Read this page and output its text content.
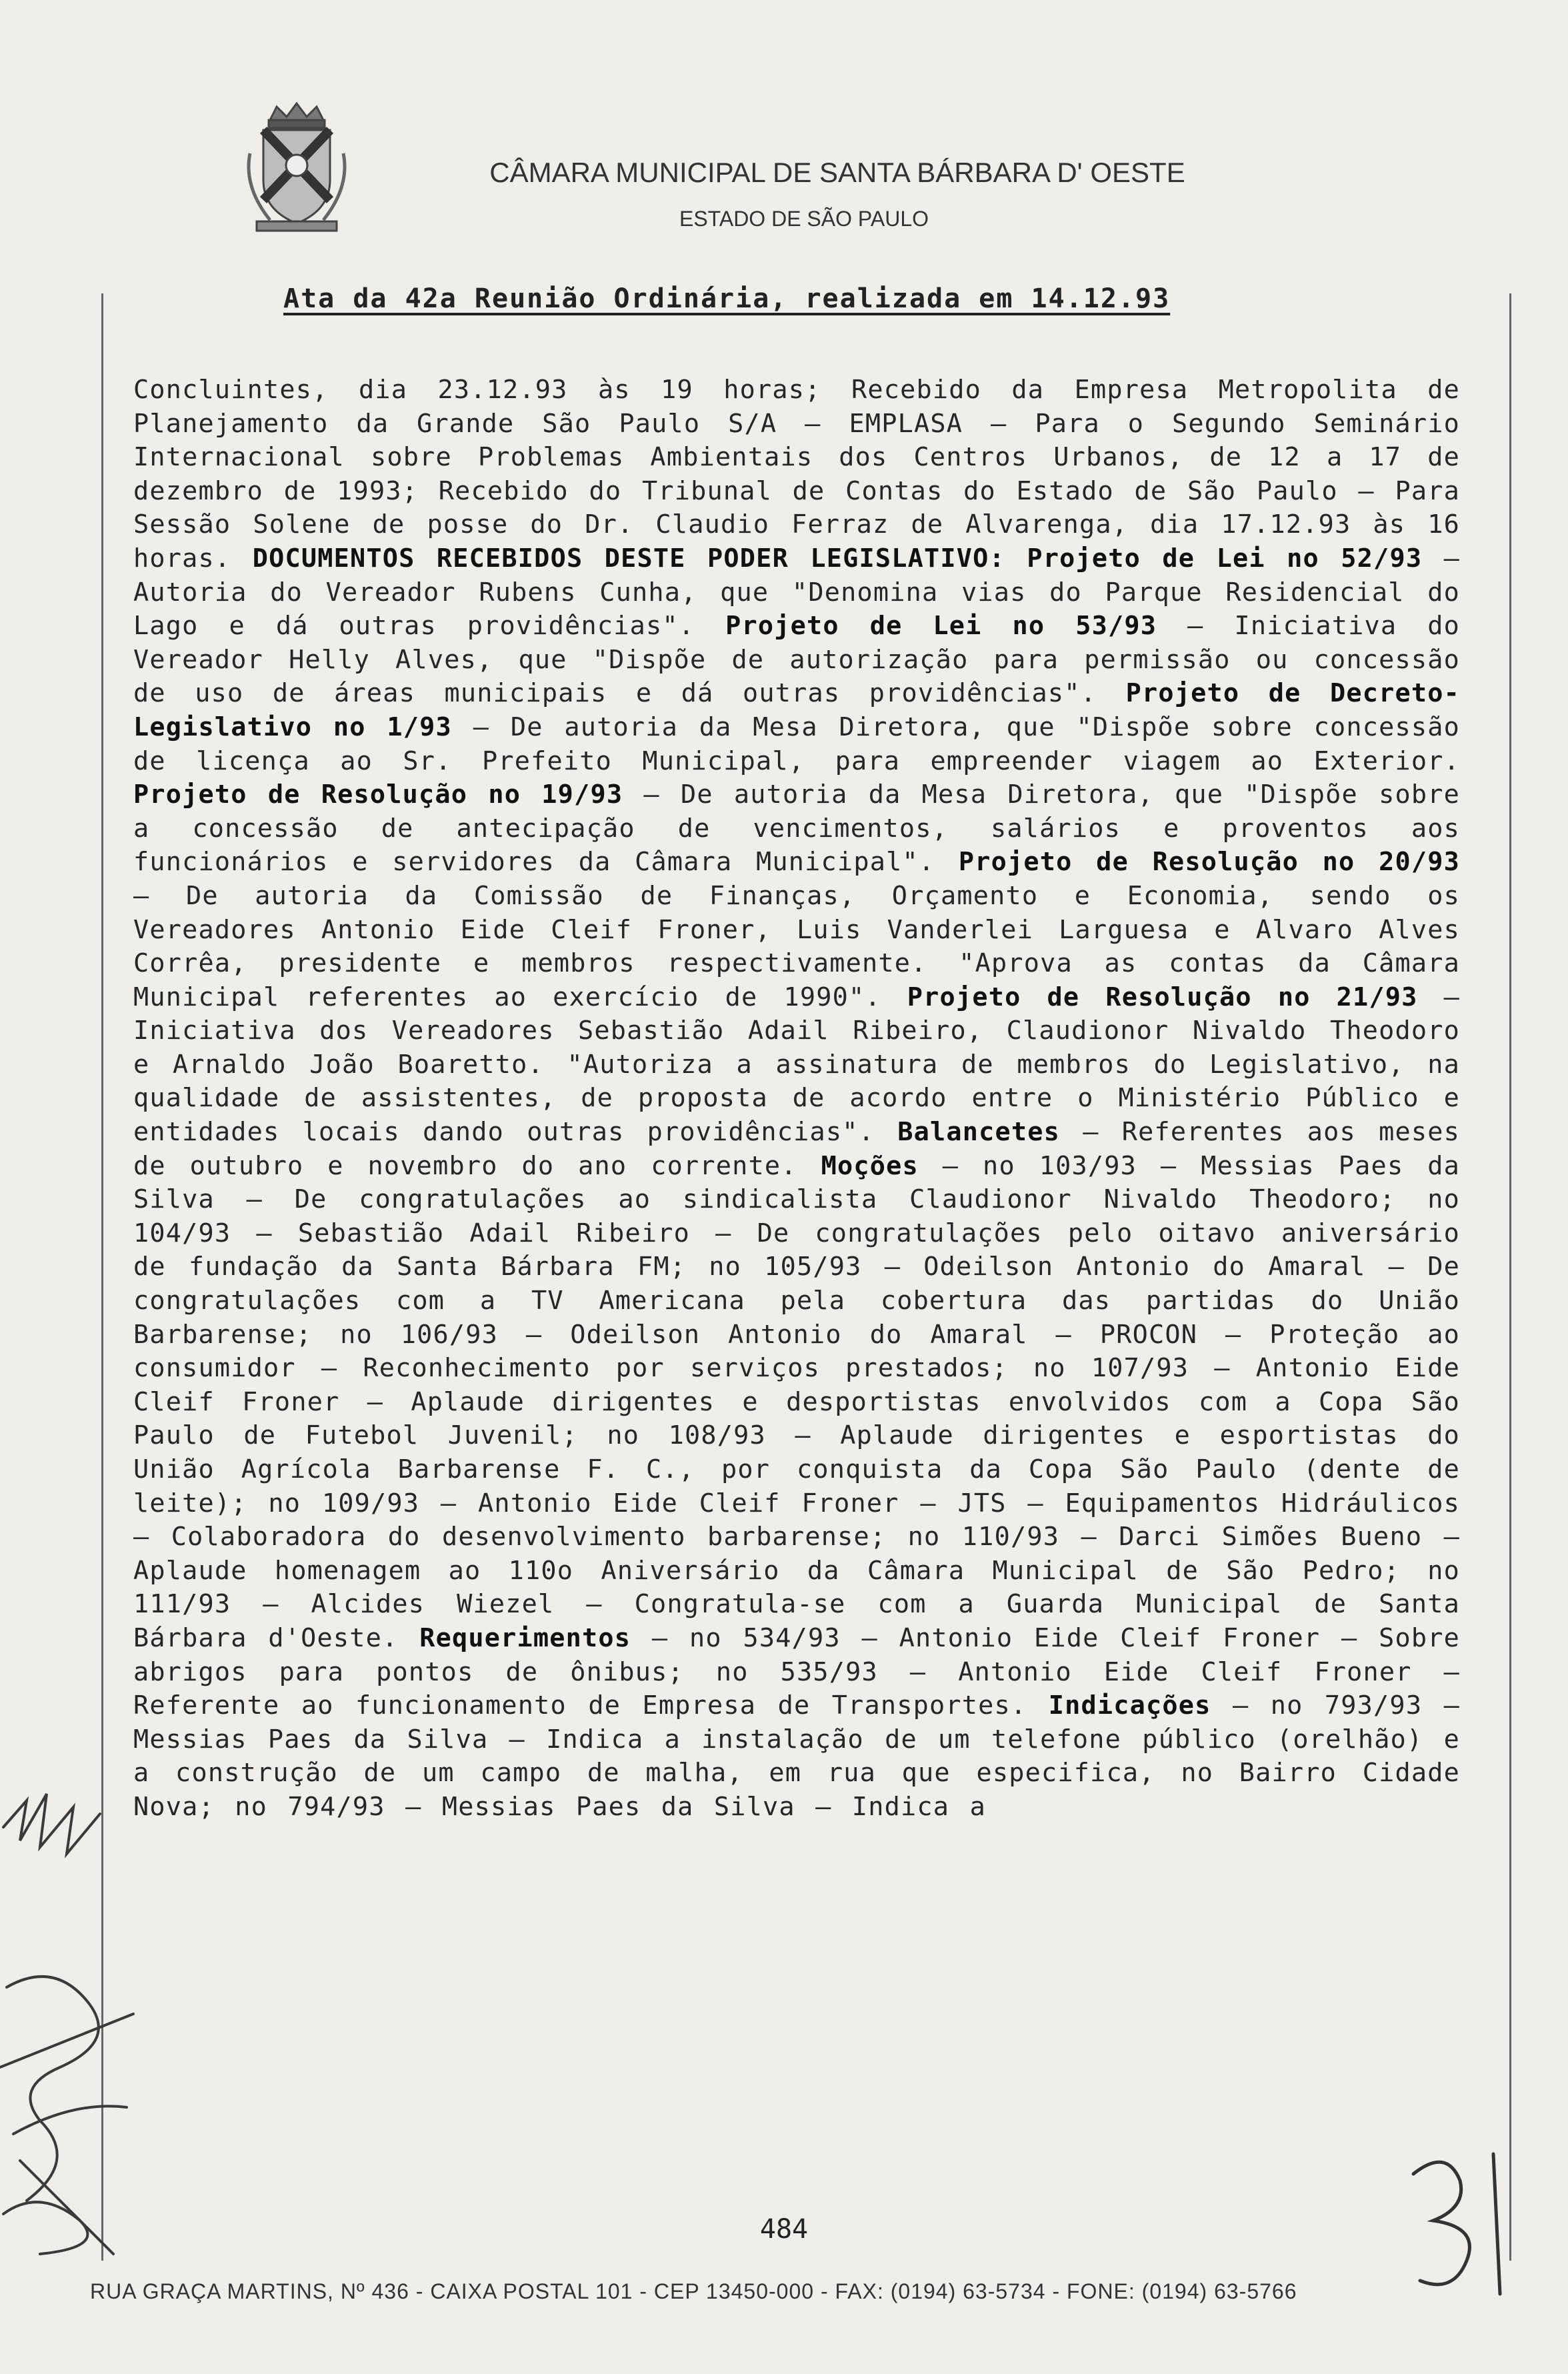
CÂMARA MUNICIPAL DE SANTA BÁRBARA D' OESTE
ESTADO DE SÃO PAULO
Ata da 42a Reunião Ordinária, realizada em 14.12.93

Concluintes, dia 23.12.93 às 19 horas; Recebido da Empresa Metropolita de Planejamento da Grande São Paulo S/A – EMPLASA – Para o Segundo Seminário Internacional sobre Problemas Ambientais dos Centros Urbanos, de 12 a 17 de dezembro de 1993; Recebido do Tribunal de Contas do Estado de São Paulo – Para Sessão Solene de posse do Dr. Claudio Ferraz de Alvarenga, dia 17.12.93 às 16 horas. DOCUMENTOS RECEBIDOS DESTE PODER LEGISLATIVO: Projeto de Lei no 52/93 – Autoria do Vereador Rubens Cunha, que "Denomina vias do Parque Residencial do Lago e dá outras providências". Projeto de Lei no 53/93 – Iniciativa do Vereador Helly Alves, que "Dispõe de autorização para permissão ou concessão de uso de áreas municipais e dá outras providências". Projeto de Decreto-Legislativo no 1/93 – De autoria da Mesa Diretora, que "Dispõe sobre concessão de licença ao Sr. Prefeito Municipal, para empreender viagem ao Exterior. Projeto de Resolução no 19/93 – De autoria da Mesa Diretora, que "Dispõe sobre a concessão de antecipação de vencimentos, salários e proventos aos funcionários e servidores da Câmara Municipal". Projeto de Resolução no 20/93 – De autoria da Comissão de Finanças, Orçamento e Economia, sendo os Vereadores Antonio Eide Cleif Froner, Luis Vanderlei Larguesa e Alvaro Alves Corrêa, presidente e membros respectivamente. "Aprova as contas da Câmara Municipal referentes ao exercício de 1990". Projeto de Resolução no 21/93 – Iniciativa dos Vereadores Sebastião Adail Ribeiro, Claudionor Nivaldo Theodoro e Arnaldo João Boaretto. "Autoriza a assinatura de membros do Legislativo, na qualidade de assistentes, de proposta de acordo entre o Ministério Público e entidades locais dando outras providências". Balancetes – Referentes aos meses de outubro e novembro do ano corrente. Moções – no 103/93 – Messias Paes da Silva – De congratulações ao sindicalista Claudionor Nivaldo Theodoro; no 104/93 – Sebastião Adail Ribeiro – De congratulações pelo oitavo aniversário de fundação da Santa Bárbara FM; no 105/93 – Odeilson Antonio do Amaral – De congratulações com a TV Americana pela cobertura das partidas do União Barbarense; no 106/93 – Odeilson Antonio do Amaral – PROCON – Proteção ao consumidor – Reconhecimento por serviços prestados; no 107/93 – Antonio Eide Cleif Froner – Aplaude dirigentes e desportistas envolvidos com a Copa São Paulo de Futebol Juvenil; no 108/93 – Aplaude dirigentes e esportistas do União Agrícola Barbarense F. C., por conquista da Copa São Paulo (dente de leite); no 109/93 – Antonio Eide Cleif Froner – JTS – Equipamentos Hidráulicos – Colaboradora do desenvolvimento barbarense; no 110/93 – Darci Simões Bueno – Aplaude homenagem ao 110o Aniversário da Câmara Municipal de São Pedro; no 111/93 – Alcides Wiezel – Congratula-se com a Guarda Municipal de Santa Bárbara d'Oeste. Requerimentos – no 534/93 – Antonio Eide Cleif Froner – Sobre abrigos para pontos de ônibus; no 535/93 – Antonio Eide Cleif Froner – Referente ao funcionamento de Empresa de Transportes. Indicações – no 793/93 – Messias Paes da Silva – Indica a instalação de um telefone público (orelhão) e a construção de um campo de malha, em rua que especifica, no Bairro Cidade Nova; no 794/93 – Messias Paes da Silva – Indica a

484
RUA GRAÇA MARTINS, Nº 436 - CAIXA POSTAL 101 - CEP 13450-000 - FAX: (0194) 63-5734 - FONE: (0194) 63-5766
